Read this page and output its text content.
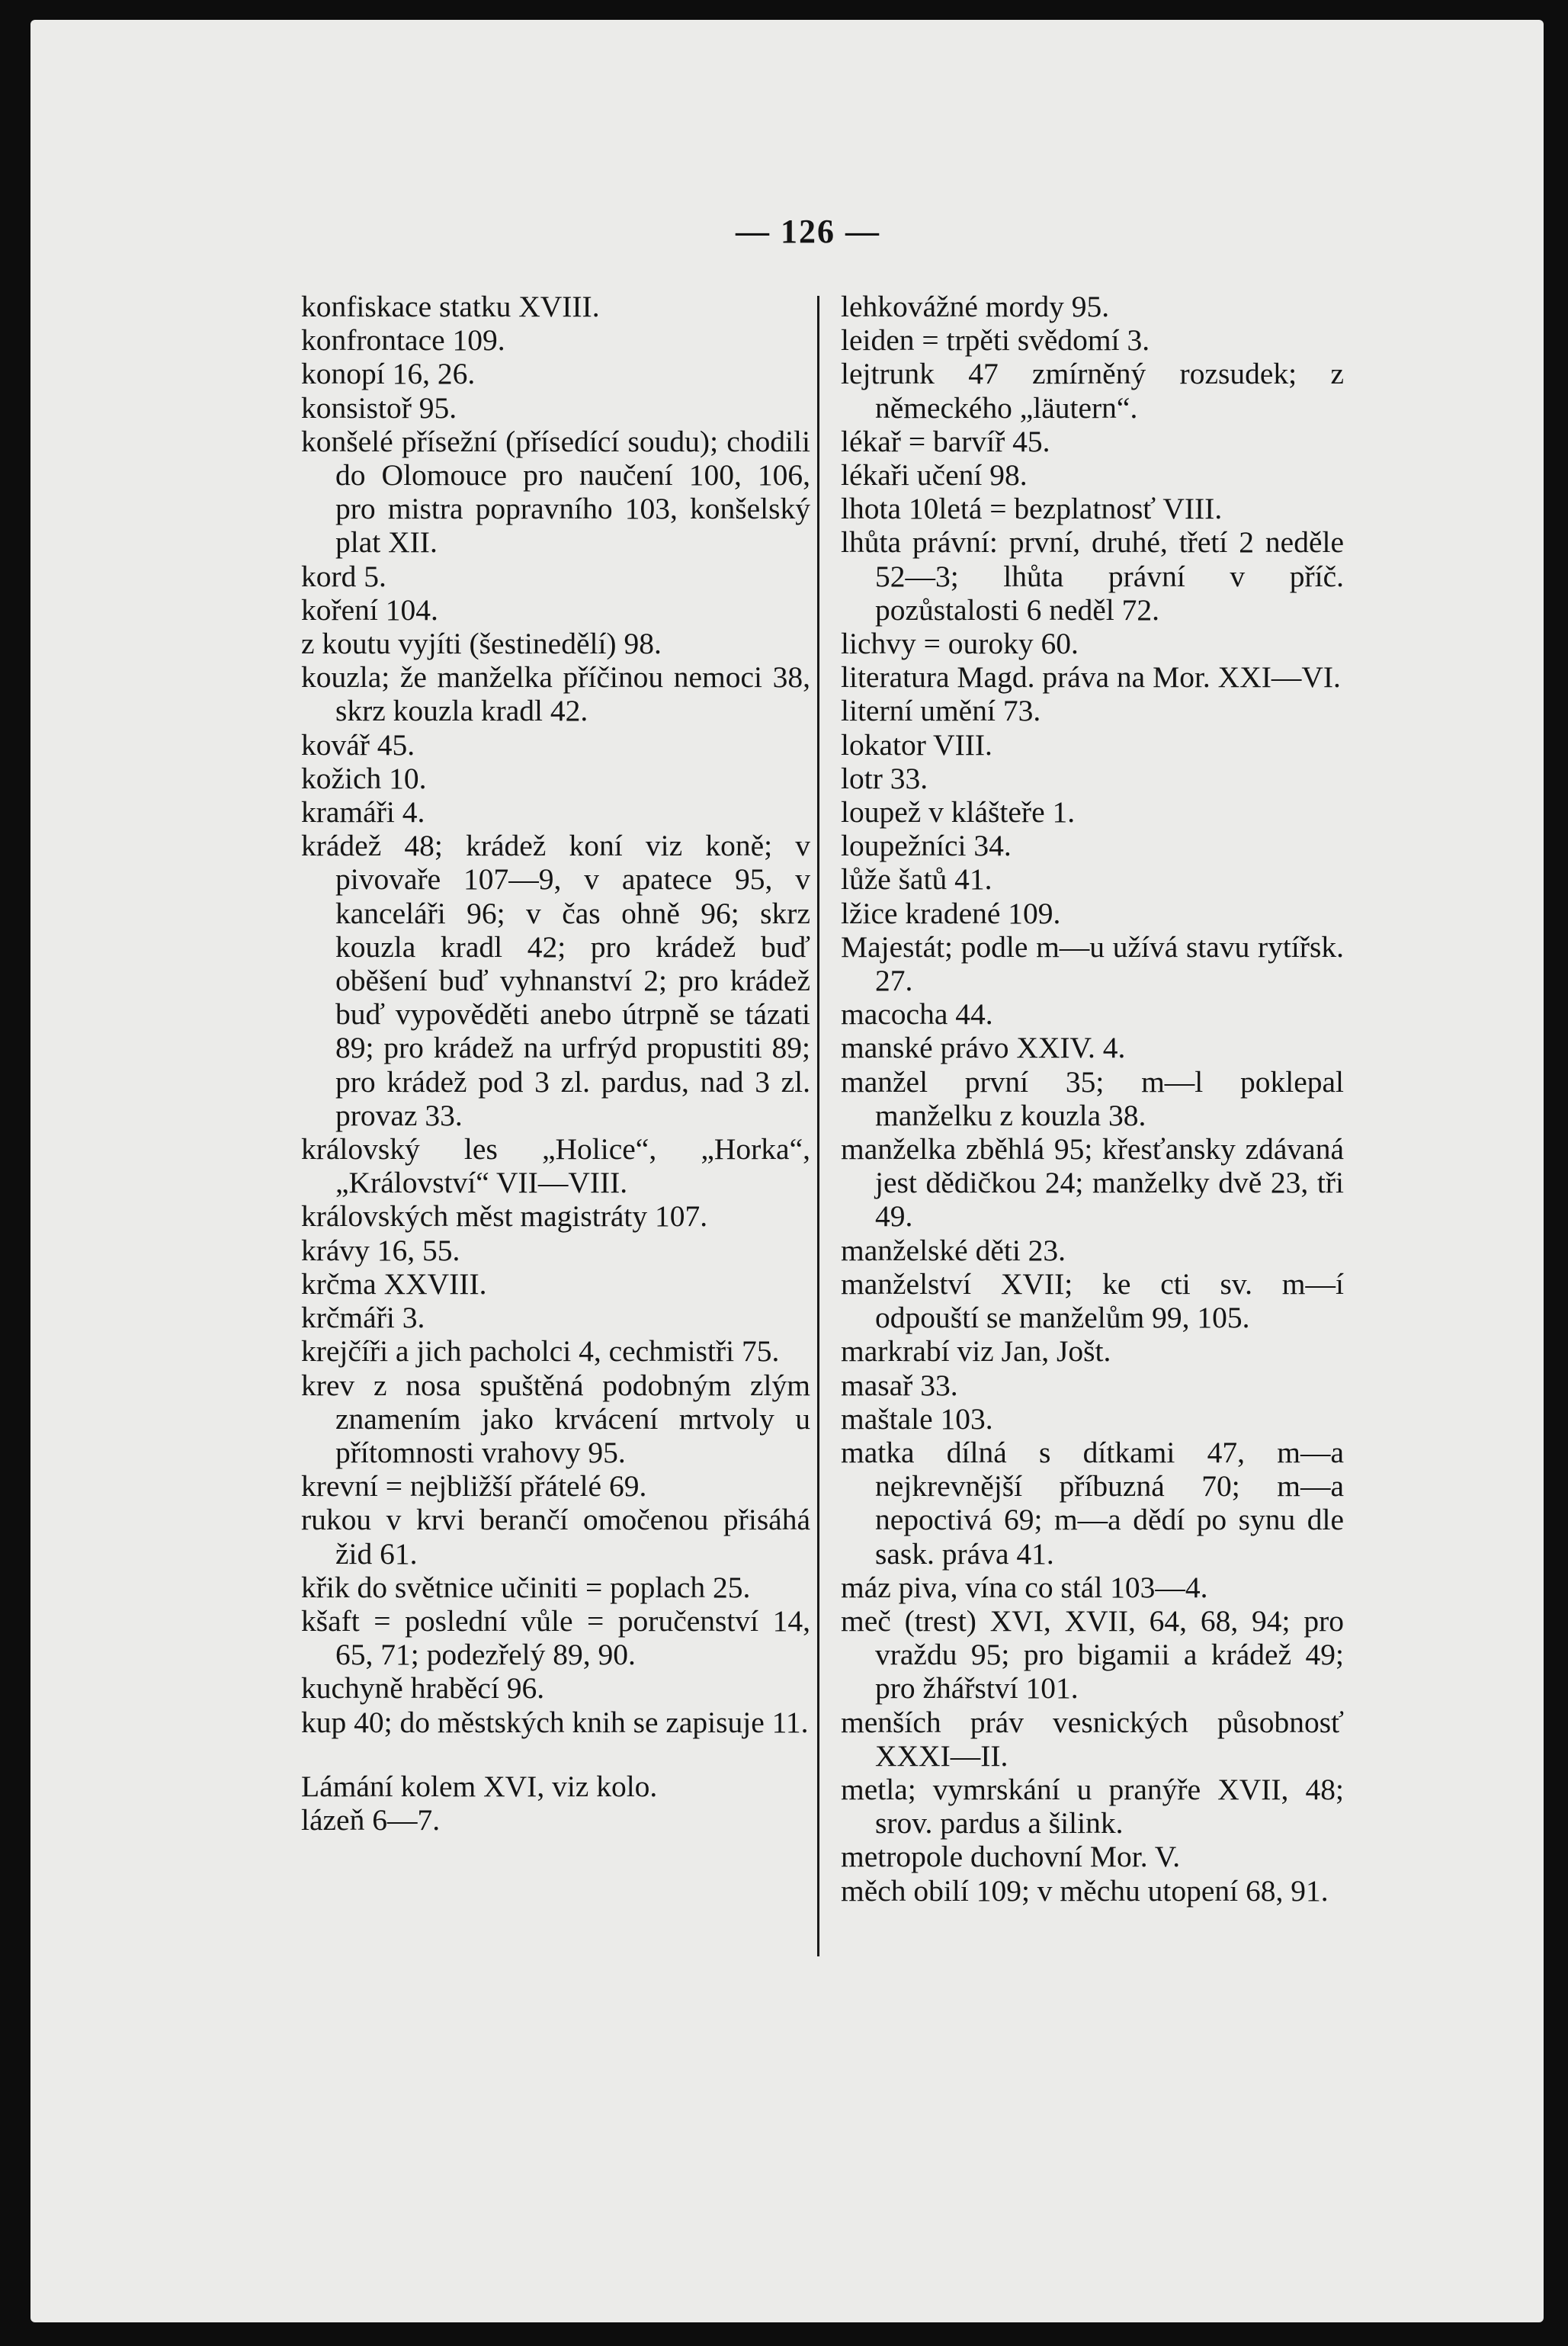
— 126 —
konfiskace statku XVIII.
konfrontace 109.
konopí 16, 26.
konsistoř 95.
konšelé přísežní (přísedící soudu); chodili do Olomouce pro naučení 100, 106, pro mistra popravního 103, konšelský plat XII.
kord 5.
koření 104.
z koutu vyjíti (šestinedělí) 98.
kouzla; že manželka příčinou nemoci 38, skrz kouzla kradl 42.
kovář 45.
kožich 10.
kramáři 4.
krádež 48; krádež koní viz koně; v pivovaře 107—9, v apatece 95, v kanceláři 96; v čas ohně 96; skrz kouzla kradl 42; pro krádež buď oběšení buď vyhnanství 2; pro krádež buď vypověděti anebo útrpně se tázati 89; pro krádež na urfrýd propustiti 89; pro krádež pod 3 zl. pardus, nad 3 zl. provaz 33.
královský les „Holice“, „Horka“, „Království“ VII—VIII.
královských měst magistráty 107.
krávy 16, 55.
krčma XXVIII.
krčmáři 3.
krejčíři a jich pacholci 4, cechmistři 75.
krev z nosa spuštěná podobným zlým znamením jako krvácení mrtvoly u přítomnosti vrahovy 95.
krevní = nejbližší přátelé 69.
rukou v krvi berančí omočenou přisáhá žid 61.
křik do světnice učiniti = poplach 25.
kšaft = poslední vůle = poručenství 14, 65, 71; podezřelý 89, 90.
kuchyně hraběcí 96.
kup 40; do městských knih se zapisuje 11.
Lámání kolem XVI, viz kolo.
lázeň 6—7.
lehkovážné mordy 95.
leiden = trpěti svědomí 3.
lejtrunk 47 zmírněný rozsudek; z německého „läutern“.
lékař = barvíř 45.
lékaři učení 98.
lhota 10letá = bezplatnosť VIII.
lhůta právní: první, druhé, třetí 2 neděle 52—3; lhůta právní v příč. pozůstalosti 6 neděl 72.
lichvy = ouroky 60.
literatura Magd. práva na Mor. XXI—VI.
literní umění 73.
lokator VIII.
lotr 33.
loupež v klášteře 1.
loupežníci 34.
lůže šatů 41.
lžice kradené 109.
Majestát; podle m—u užívá stavu rytířsk. 27.
macocha 44.
manské právo XXIV. 4.
manžel první 35; m—l poklepal manželku z kouzla 38.
manželka zběhlá 95; křesťansky zdávaná jest dědičkou 24; manželky dvě 23, tři 49.
manželské děti 23.
manželství XVII; ke cti sv. m—í odpouští se manželům 99, 105.
markrabí viz Jan, Jošt.
masař 33.
maštale 103.
matka dílná s dítkami 47, m—a nejkrevnější příbuzná 70; m—a nepoctivá 69; m—a dědí po synu dle sask. práva 41.
máz piva, vína co stál 103—4.
meč (trest) XVI, XVII, 64, 68, 94; pro vraždu 95; pro bigamii a krádež 49; pro žhářství 101.
menších práv vesnických působnosť XXXI—II.
metla; vymrskání u pranýře XVII, 48; srov. pardus a šilink.
metropole duchovní Mor. V.
měch obilí 109; v měchu utopení 68, 91.
